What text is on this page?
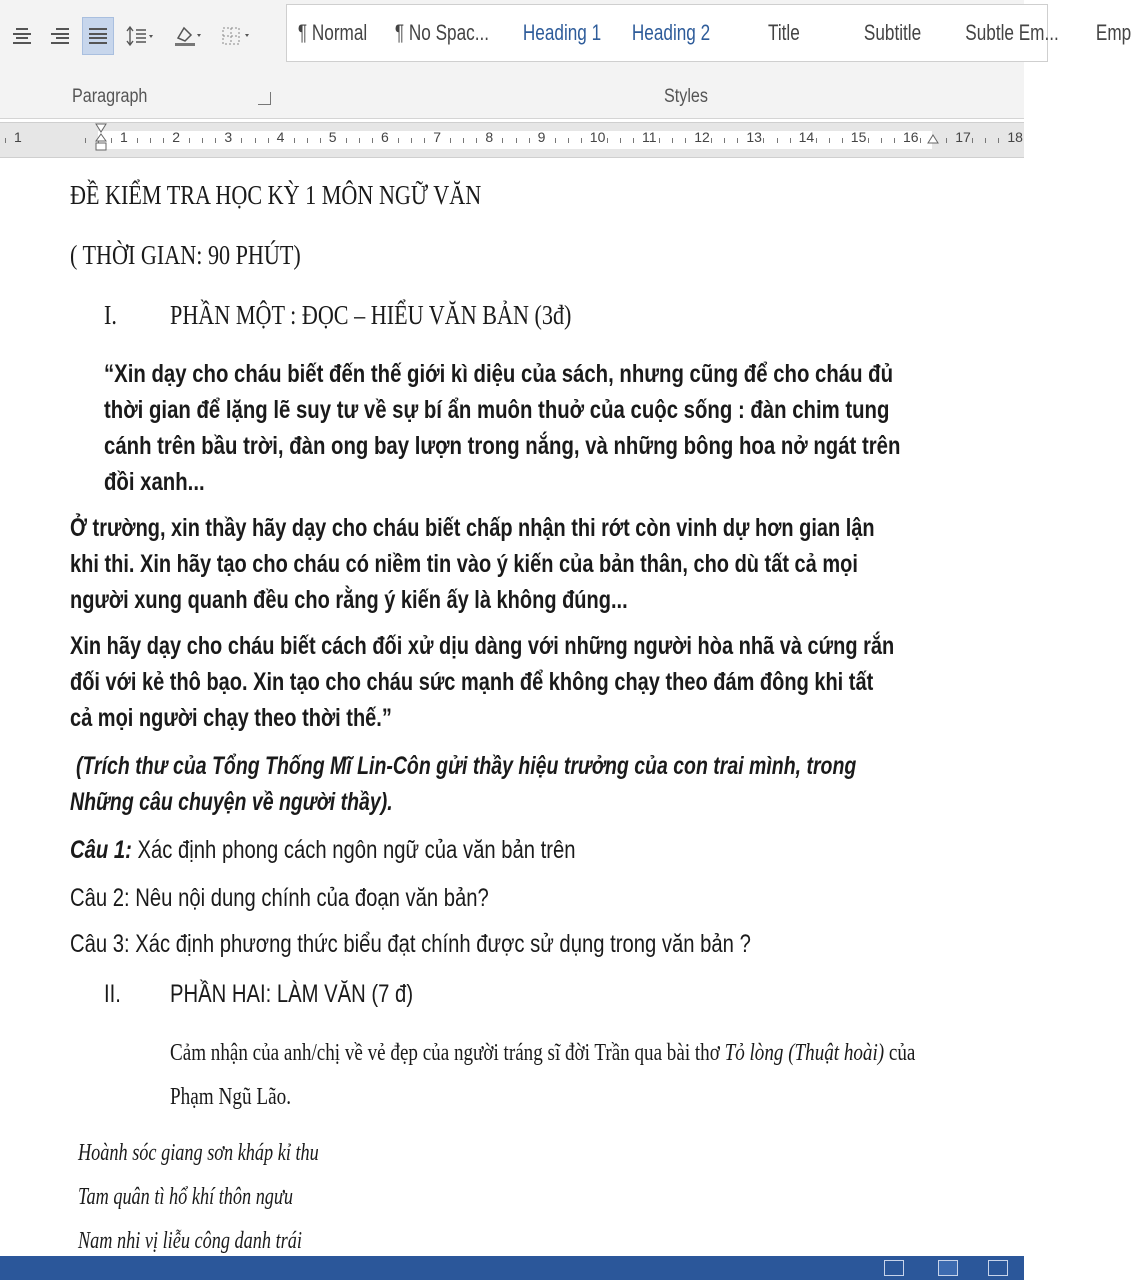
¶ Normal	¶ No Spac...	Heading 1	Heading 2	Title	Subtitle	Subtle Em...	Emp
Paragraph	Styles
1	1	2	3	4	5	6	7	8	9	10	11	12	13	14	15	16	17	18
ĐỀ KIỂM TRA HỌC KỲ 1 MÔN NGỮ VĂN
( THỜI GIAN: 90 PHÚT)
I. PHẦN MỘT : ĐỌC – HIỂU VĂN BẢN (3đ)
“Xin dạy cho cháu biết đến thế giới kì diệu của sách, nhưng cũng để cho cháu đủ
thời gian để lặng lẽ suy tư về sự bí ẩn muôn thuở của cuộc sống : đàn chim tung
cánh trên bầu trời, đàn ong bay lượn trong nắng, và những bông hoa nở ngát trên
đồi xanh...
Ở trường, xin thầy hãy dạy cho cháu biết chấp nhận thi rớt còn vinh dự hơn gian lận
khi thi. Xin hãy tạo cho cháu có niềm tin vào ý kiến của bản thân, cho dù tất cả mọi
người xung quanh đều cho rằng ý kiến ấy là không đúng...
Xin hãy dạy cho cháu biết cách đối xử dịu dàng với những người hòa nhã và cứng rắn
đối với kẻ thô bạo. Xin tạo cho cháu sức mạnh để không chạy theo đám đông khi tất
cả mọi người chạy theo thời thế.”
(Trích thư của Tổng Thống Mĩ Lin-Côn gửi thầy hiệu trưởng của con trai mình, trong
Những câu chuyện về người thầy).
Câu 1: Xác định phong cách ngôn ngữ của văn bản trên
Câu 2: Nêu nội dung chính của đoạn văn bản?
Câu 3: Xác định phương thức biểu đạt chính được sử dụng trong văn bản ?
II. PHẦN HAI: LÀM VĂN (7 đ)
Cảm nhận của anh/chị về vẻ đẹp của người tráng sĩ đời Trần qua bài thơ Tỏ lòng (Thuật hoài) của
Phạm Ngũ Lão.
Hoành sóc giang sơn kháp kỉ thu
Tam quân tì hổ khí thôn ngưu
Nam nhi vị liễu công danh trái
